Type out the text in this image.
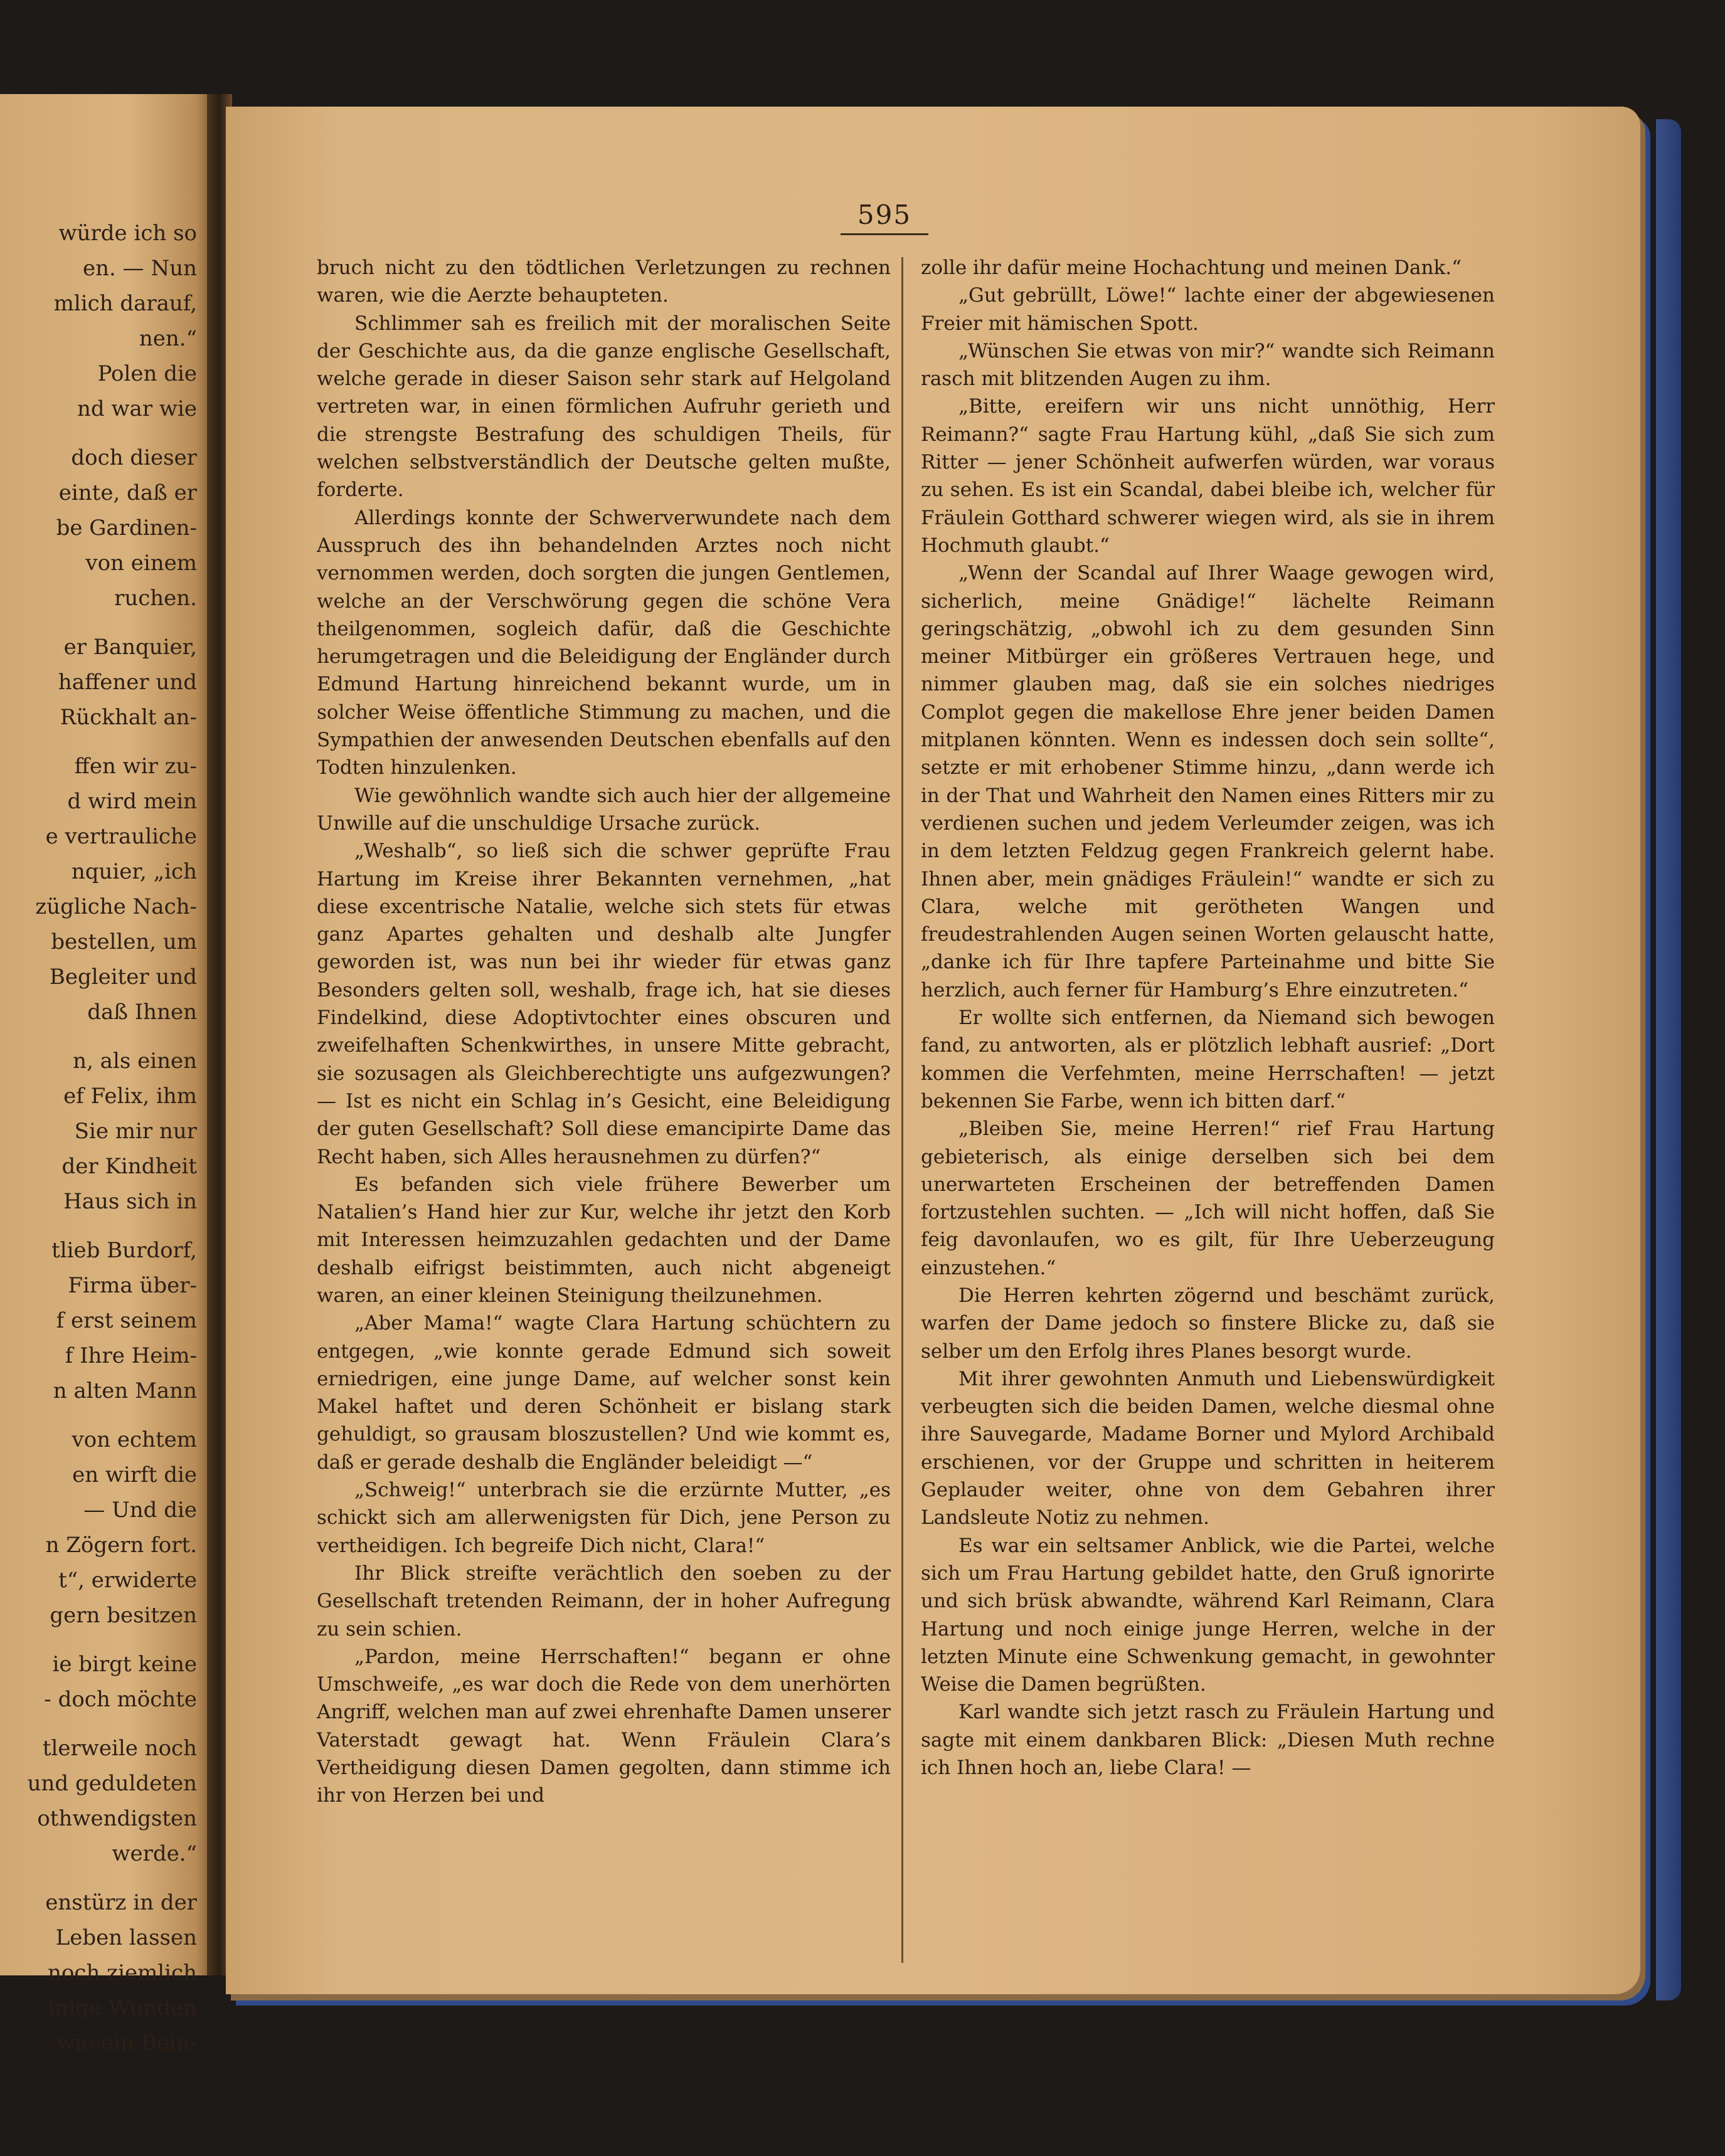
würde ich so
en. — Nun
mlich darauf,
nen.“
Polen die
nd war wie
doch dieser
einte, daß er
be Gardinen-
von einem
ruchen.
er Banquier,
haffener und
Rückhalt an-
ffen wir zu-
d wird mein
e vertrauliche
nquier, „ich
zügliche Nach-
bestellen, um
Begleiter und
daß Ihnen
n, als einen
ef Felix, ihm
Sie mir nur
der Kindheit
Haus sich in
tlieb Burdorf,
Firma über-
f erst seinem
f Ihre Heim-
n alten Mann
von echtem
en wirft die
— Und die
n Zögern fort.
t“, erwiderte
gern besitzen
ie birgt keine
- doch möchte
tlerweile noch
und geduldeten
othwendigsten
werde.“
enstürz in der
Leben lassen
noch ziemlich
inige Wunden
wie ein Bein-
595

bruch nicht zu den tödtlichen Verletzungen zu rechnen waren, wie die Aerzte behaupteten.

Schlimmer sah es freilich mit der moralischen Seite der Geschichte aus, da die ganze englische Gesellschaft, welche gerade in dieser Saison sehr stark auf Helgoland vertreten war, in einen förmlichen Aufruhr gerieth und die strengste Bestrafung des schuldigen Theils, für welchen selbstverständlich der Deutsche gelten mußte, forderte.

Allerdings konnte der Schwerverwundete nach dem Ausspruch des ihn behandelnden Arztes noch nicht vernommen werden, doch sorgten die jungen Gentlemen, welche an der Verschwörung gegen die schöne Vera theilgenommen, sogleich dafür, daß die Geschichte herumgetragen und die Beleidigung der Engländer durch Edmund Hartung hinreichend bekannt wurde, um in solcher Weise öffentliche Stimmung zu machen, und die Sympathien der anwesenden Deutschen ebenfalls auf den Todten hinzulenken.

Wie gewöhnlich wandte sich auch hier der allgemeine Unwille auf die unschuldige Ursache zurück.

„Weshalb“, so ließ sich die schwer geprüfte Frau Hartung im Kreise ihrer Bekannten vernehmen, „hat diese excentrische Natalie, welche sich stets für etwas ganz Apartes gehalten und deshalb alte Jungfer geworden ist, was nun bei ihr wieder für etwas ganz Besonders gelten soll, weshalb, frage ich, hat sie dieses Findelkind, diese Adoptivtochter eines obscuren und zweifelhaften Schenkwirthes, in unsere Mitte gebracht, sie sozusagen als Gleichberechtigte uns aufgezwungen? — Ist es nicht ein Schlag in’s Gesicht, eine Beleidigung der guten Gesellschaft? Soll diese emancipirte Dame das Recht haben, sich Alles herausnehmen zu dürfen?“

Es befanden sich viele frühere Bewerber um Natalien’s Hand hier zur Kur, welche ihr jetzt den Korb mit Interessen heimzuzahlen gedachten und der Dame deshalb eifrigst beistimmten, auch nicht abgeneigt waren, an einer kleinen Steinigung theilzunehmen.

„Aber Mama!“ wagte Clara Hartung schüchtern zu entgegen, „wie konnte gerade Edmund sich soweit erniedrigen, eine junge Dame, auf welcher sonst kein Makel haftet und deren Schönheit er bislang stark gehuldigt, so grausam bloszustellen? Und wie kommt es, daß er gerade deshalb die Engländer beleidigt —“

„Schweig!“ unterbrach sie die erzürnte Mutter, „es schickt sich am allerwenigsten für Dich, jene Person zu vertheidigen. Ich begreife Dich nicht, Clara!“

Ihr Blick streifte verächtlich den soeben zu der Gesellschaft tretenden Reimann, der in hoher Aufregung zu sein schien.

„Pardon, meine Herrschaften!“ begann er ohne Umschweife, „es war doch die Rede von dem unerhörten Angriff, welchen man auf zwei ehrenhafte Damen unserer Vaterstadt gewagt hat. Wenn Fräulein Clara’s Vertheidigung diesen Damen gegolten, dann stimme ich ihr von Herzen bei und

zolle ihr dafür meine Hochachtung und meinen Dank.“

„Gut gebrüllt, Löwe!“ lachte einer der abgewiesenen Freier mit hämischen Spott.

„Wünschen Sie etwas von mir?“ wandte sich Reimann rasch mit blitzenden Augen zu ihm.

„Bitte, ereifern wir uns nicht unnöthig, Herr Reimann?“ sagte Frau Hartung kühl, „daß Sie sich zum Ritter — jener Schönheit aufwerfen würden, war voraus zu sehen. Es ist ein Scandal, dabei bleibe ich, welcher für Fräulein Gotthard schwerer wiegen wird, als sie in ihrem Hochmuth glaubt.“

„Wenn der Scandal auf Ihrer Waage gewogen wird, sicherlich, meine Gnädige!“ lächelte Reimann geringschätzig, „obwohl ich zu dem gesunden Sinn meiner Mitbürger ein größeres Vertrauen hege, und nimmer glauben mag, daß sie ein solches niedriges Complot gegen die makellose Ehre jener beiden Damen mitplanen könnten. Wenn es indessen doch sein sollte“, setzte er mit erhobener Stimme hinzu, „dann werde ich in der That und Wahrheit den Namen eines Ritters mir zu verdienen suchen und jedem Verleumder zeigen, was ich in dem letzten Feldzug gegen Frankreich gelernt habe. Ihnen aber, mein gnädiges Fräulein!“ wandte er sich zu Clara, welche mit gerötheten Wangen und freudestrahlenden Augen seinen Worten gelauscht hatte, „danke ich für Ihre tapfere Parteinahme und bitte Sie herzlich, auch ferner für Hamburg’s Ehre einzutreten.“

Er wollte sich entfernen, da Niemand sich bewogen fand, zu antworten, als er plötzlich lebhaft ausrief: „Dort kommen die Verfehmten, meine Herrschaften! — jetzt bekennen Sie Farbe, wenn ich bitten darf.“

„Bleiben Sie, meine Herren!“ rief Frau Hartung gebieterisch, als einige derselben sich bei dem unerwarteten Erscheinen der betreffenden Damen fortzustehlen suchten. — „Ich will nicht hoffen, daß Sie feig davonlaufen, wo es gilt, für Ihre Ueberzeugung einzustehen.“

Die Herren kehrten zögernd und beschämt zurück, warfen der Dame jedoch so finstere Blicke zu, daß sie selber um den Erfolg ihres Planes besorgt wurde.

Mit ihrer gewohnten Anmuth und Liebenswürdigkeit verbeugten sich die beiden Damen, welche diesmal ohne ihre Sauvegarde, Madame Borner und Mylord Archibald erschienen, vor der Gruppe und schritten in heiterem Geplauder weiter, ohne von dem Gebahren ihrer Landsleute Notiz zu nehmen.

Es war ein seltsamer Anblick, wie die Partei, welche sich um Frau Hartung gebildet hatte, den Gruß ignorirte und sich brüsk abwandte, während Karl Reimann, Clara Hartung und noch einige junge Herren, welche in der letzten Minute eine Schwenkung gemacht, in gewohnter Weise die Damen begrüßten.

Karl wandte sich jetzt rasch zu Fräulein Hartung und sagte mit einem dankbaren Blick: „Diesen Muth rechne ich Ihnen hoch an, liebe Clara! —
